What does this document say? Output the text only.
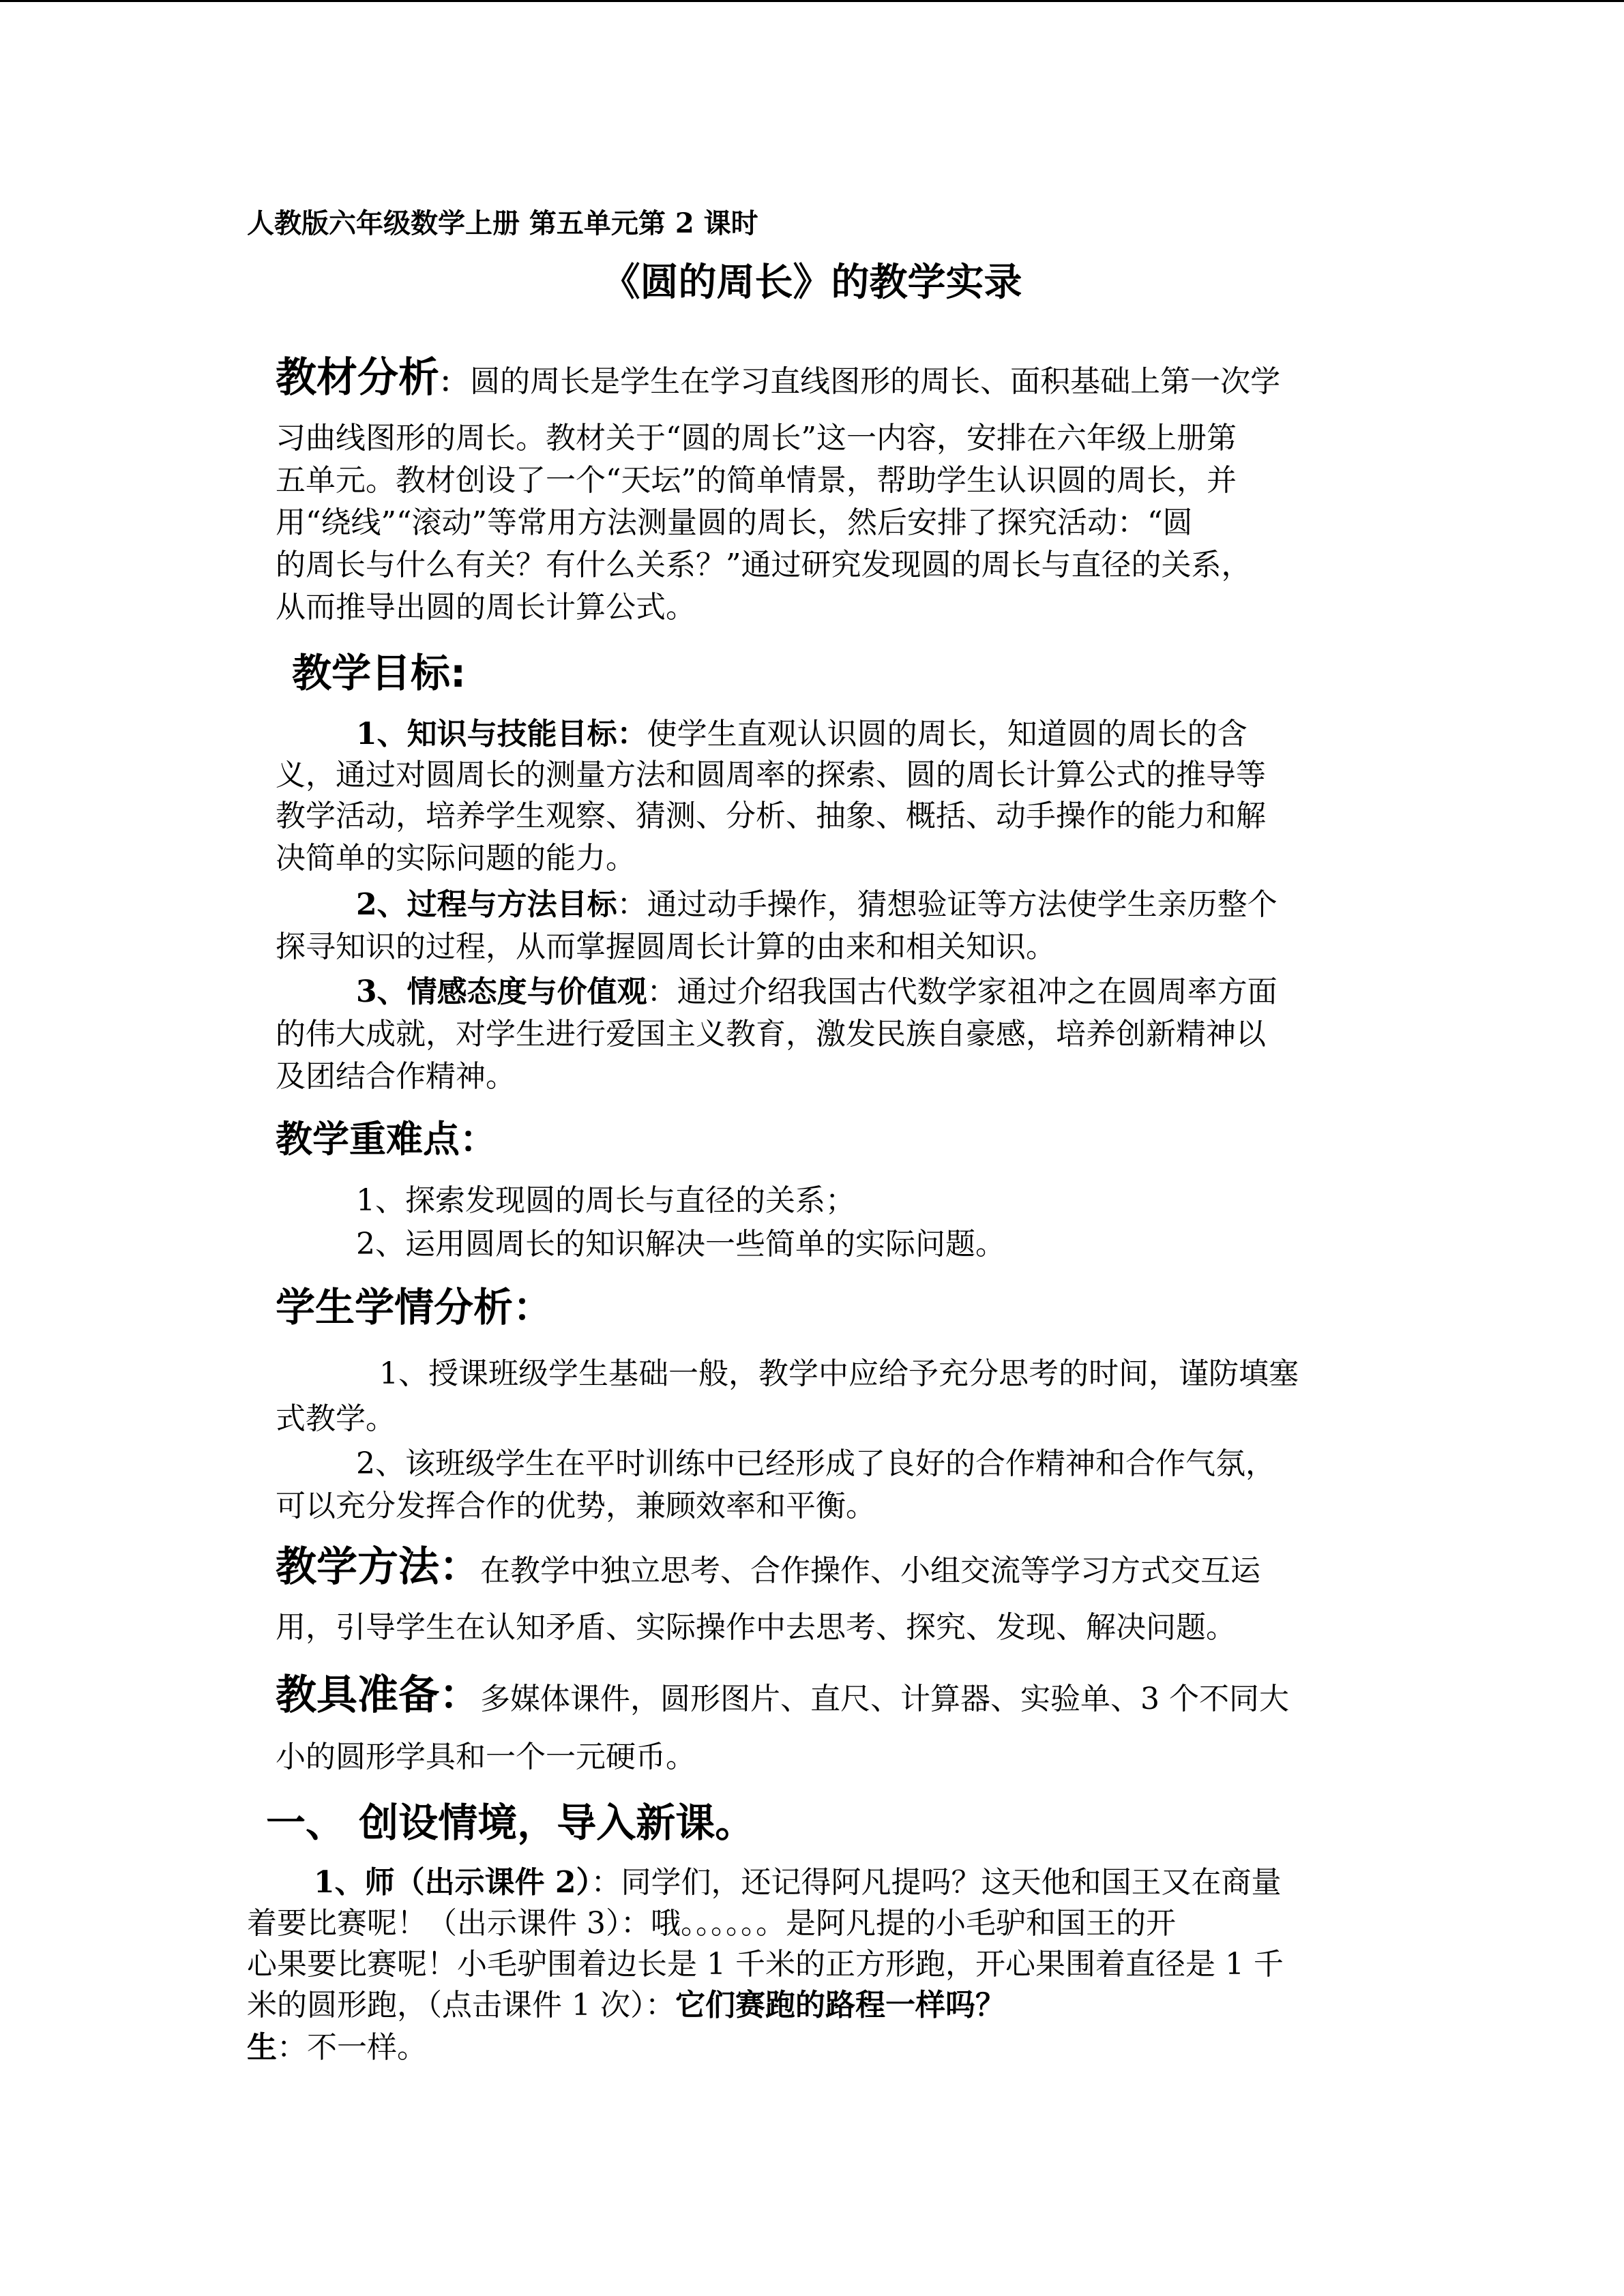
人教版六年级数学上册 第五单元第 2 课时
《圆的周长》的教学实录
教材分析： 圆的周长是学生在学习直线图形的周长、面积基础上第一次学
习曲线图形的周长。教材关于“圆的周长”这一内容，安排在六年级上册第
五单元。教材创设了一个“天坛”的简单情景，帮助学生认识圆的周长，并
用“绕线”“滚动”等常用方法测量圆的周长，然后安排了探究活动：“圆
的周长与什么有关？有什么关系？”通过研究发现圆的周长与直径的关系，
从而推导出圆的周长计算公式。
教学目标:
1、知识与技能目标：使学生直观认识圆的周长，知道圆的周长的含
义，通过对圆周长的测量方法和圆周率的探索、圆的周长计算公式的推导等
教学活动，培养学生观察、猜测、分析、抽象、概括、动手操作的能力和解
决简单的实际问题的能力。
2、过程与方法目标：通过动手操作，猜想验证等方法使学生亲历整个
探寻知识的过程，从而掌握圆周长计算的由来和相关知识。
3、情感态度与价值观：通过介绍我国古代数学家祖冲之在圆周率方面
的伟大成就，对学生进行爱国主义教育，激发民族自豪感，培养创新精神以
及团结合作精神。
教学重难点：
1、探索发现圆的周长与直径的关系；
2、运用圆周长的知识解决一些简单的实际问题。
学生学情分析：
1、授课班级学生基础一般，教学中应给予充分思考的时间，谨防填塞
式教学。
2、该班级学生在平时训练中已经形成了良好的合作精神和合作气氛，
可以充分发挥合作的优势，兼顾效率和平衡。
教学方法：在教学中独立思考、合作操作、小组交流等学习方式交互运
用，引导学生在认知矛盾、实际操作中去思考、探究、发现、解决问题。
教具准备：多媒体课件，圆形图片、直尺、计算器、实验单、3 个不同大
小的圆形学具和一个一元硬币。
一、 创设情境，导入新课。
1、师（出示课件 2）：同学们，还记得阿凡提吗？这天他和国王又在商量
着要比赛呢！（出示课件 3）：哦。。。。。。是阿凡提的小毛驴和国王的开
心果要比赛呢！小毛驴围着边长是 1 千米的正方形跑，开心果围着直径是 1 千
米的圆形跑，（点击课件 1 次）：它们赛跑的路程一样吗？
生：不一样。
